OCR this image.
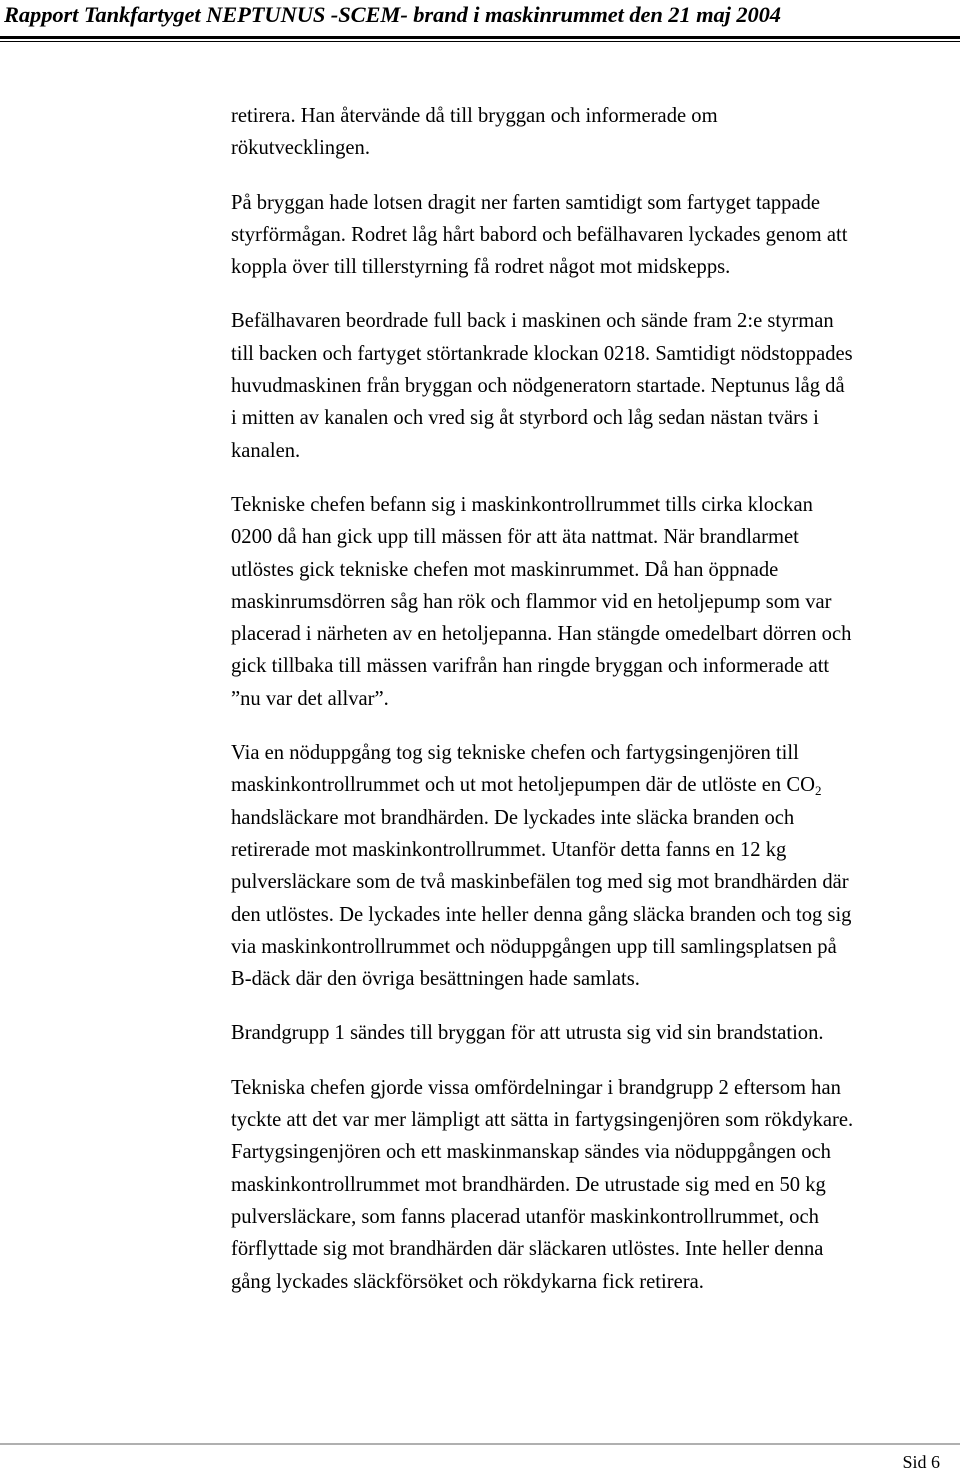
Rapport Tankfartyget NEPTUNUS -SCEM- brand i maskinrummet den 21 maj 2004

retirera. Han återvände då till bryggan och informerade om
rökutvecklingen.

På bryggan hade lotsen dragit ner farten samtidigt som fartyget tappade
styrförmågan. Rodret låg hårt babord och befälhavaren lyckades genom att
koppla över till tillerstyrning få rodret något mot midskepps.

Befälhavaren beordrade full back i maskinen och sände fram 2:e styrman
till backen och fartyget störtankrade klockan 0218. Samtidigt nödstoppades
huvudmaskinen från bryggan och nödgeneratorn startade. Neptunus låg då
i mitten av kanalen och vred sig åt styrbord och låg sedan nästan tvärs i
kanalen.

Tekniske chefen befann sig i maskinkontrollrummet tills cirka klockan
0200 då han gick upp till mässen för att äta nattmat. När brandlarmet
utlöstes gick tekniske chefen mot maskinrummet. Då han öppnade
maskinrumsdörren såg han rök och flammor vid en hetoljepump som var
placerad i närheten av en hetoljepanna. Han stängde omedelbart dörren och
gick tillbaka till mässen varifrån han ringde bryggan och informerade att
”nu var det allvar”.

Via en nöduppgång tog sig tekniske chefen och fartygsingenjören till
maskinkontrollrummet och ut mot hetoljepumpen där de utlöste en $CO_2$
handsläckare mot brandhärden. De lyckades inte släcka branden och
retirerade mot maskinkontrollrummet. Utanför detta fanns en 12 kg
pulversläckare som de två maskinbefälen tog med sig mot brandhärden där
den utlöstes. De lyckades inte heller denna gång släcka branden och tog sig
via maskinkontrollrummet och nöduppgången upp till samlingsplatsen på
B-däck där den övriga besättningen hade samlats.

Brandgrupp 1 sändes till bryggan för att utrusta sig vid sin brandstation.

Tekniska chefen gjorde vissa omfördelningar i brandgrupp 2 eftersom han
tyckte att det var mer lämpligt att sätta in fartygsingenjören som rökdykare.
Fartygsingenjören och ett maskinmanskap sändes via nöduppgången och
maskinkontrollrummet mot brandhärden. De utrustade sig med en 50 kg
pulversläckare, som fanns placerad utanför maskinkontrollrummet, och
förflyttade sig mot brandhärden där släckaren utlöstes. Inte heller denna
gång lyckades släckförsöket och rökdykarna fick retirera.

Sid 6
